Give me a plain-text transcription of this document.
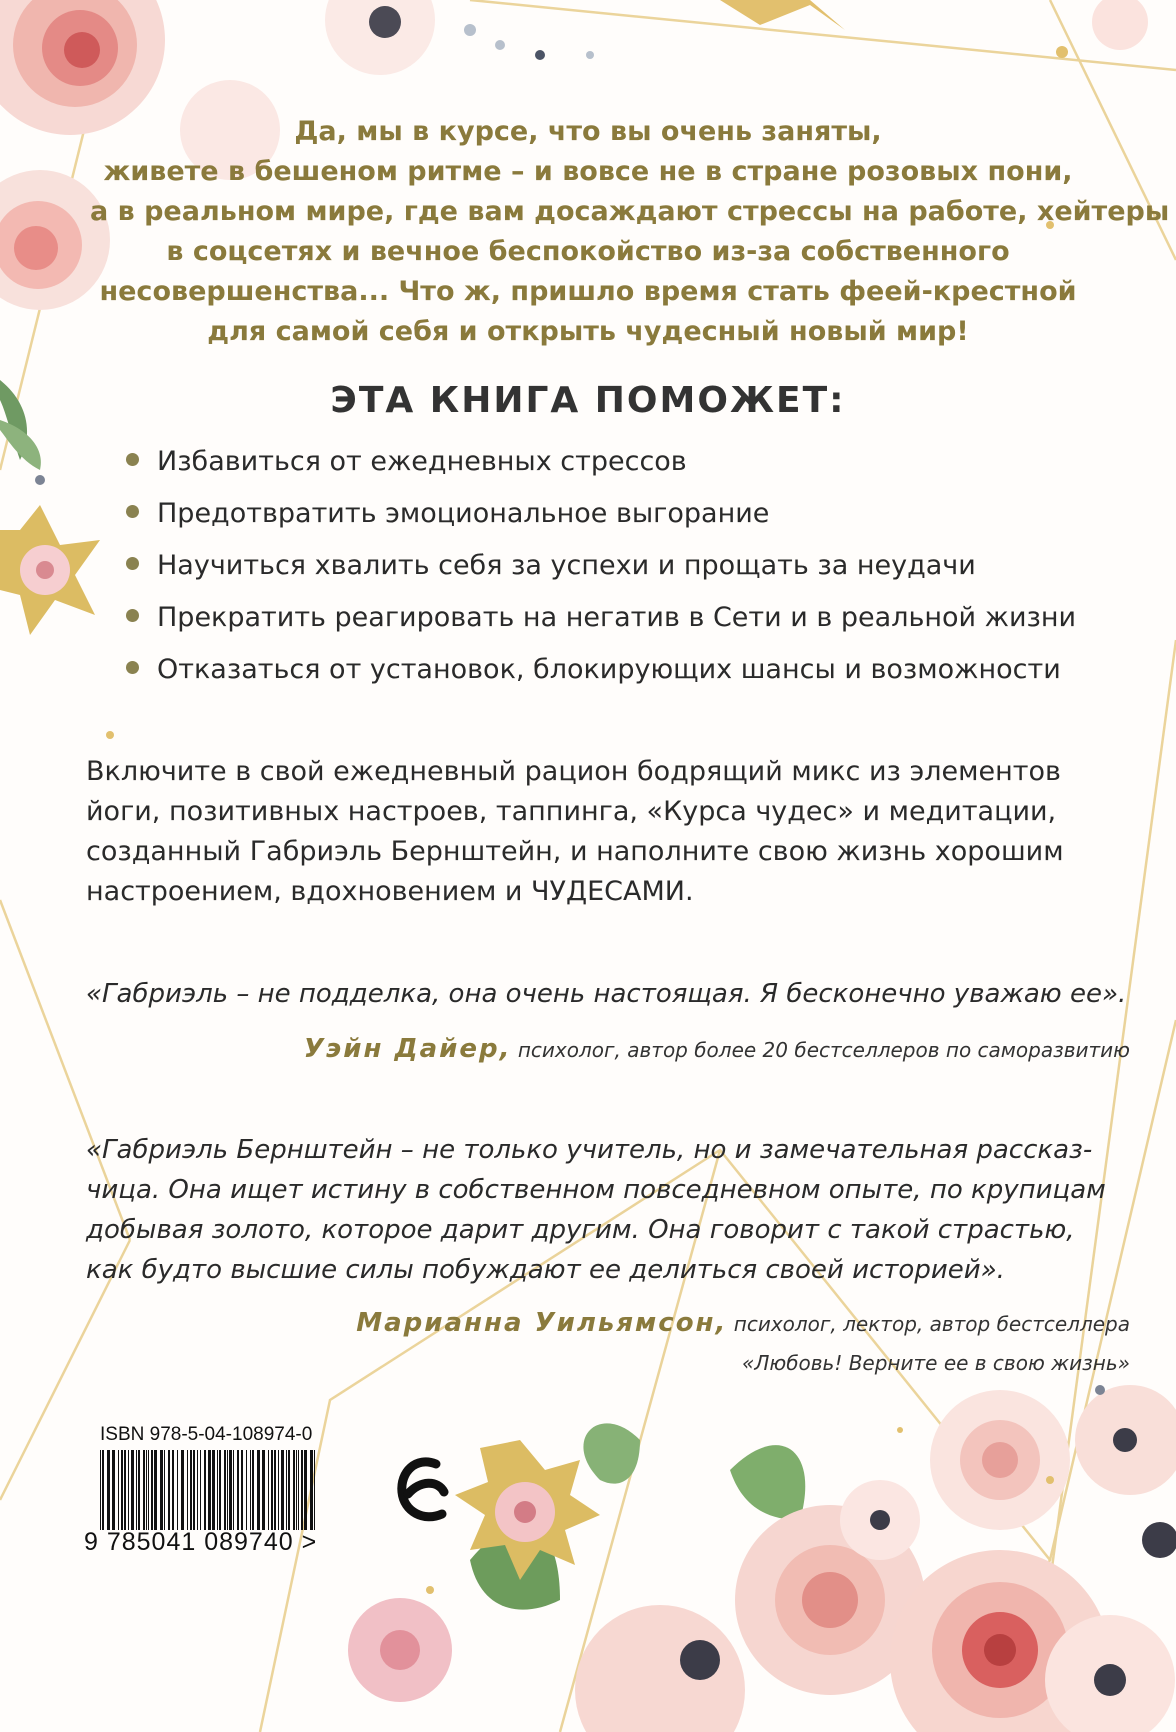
Да, мы в курсе, что вы очень заняты,
живете в бешеном ритме – и вовсе не в стране розовых пони,
а в реальном мире, где вам досаждают стрессы на работе, хейтеры
в соцсетях и вечное беспокойство из-за собственного
несовершенства... Что ж, пришло время стать феей-крестной
для самой себя и открыть чудесный новый мир!
ЭТА КНИГА ПОМОЖЕТ:
Избавиться от ежедневных стрессов
Предотвратить эмоциональное выгорание
Научиться хвалить себя за успехи и прощать за неудачи
Прекратить реагировать на негатив в Сети и в реальной жизни
Отказаться от установок, блокирующих шансы и возможности
Включите в свой ежедневный рацион бодрящий микс из элементов
йоги, позитивных настроев, таппинга, «Курса чудес» и медитации,
созданный Габриэль Бернштейн, и наполните свою жизнь хорошим
настроением, вдохновением и ЧУДЕСАМИ.
«Габриэль – не подделка, она очень настоящая. Я бесконечно уважаю ее».
Уэйн Дайер, психолог, автор более 20 бестселлеров по саморазвитию
«Габриэль Бернштейн – не только учитель, но и замечательная рассказ-
чица. Она ищет истину в собственном повседневном опыте, по крупицам
добывая золото, которое дарит другим. Она говорит с такой страстью,
как будто высшие силы побуждают ее делиться своей историей».
Марианна Уильямсон, психолог, лектор, автор бестселлера
«Любовь! Верните ее в свою жизнь»
ISBN 978-5-04-108974-0
9 785041 089740 >
